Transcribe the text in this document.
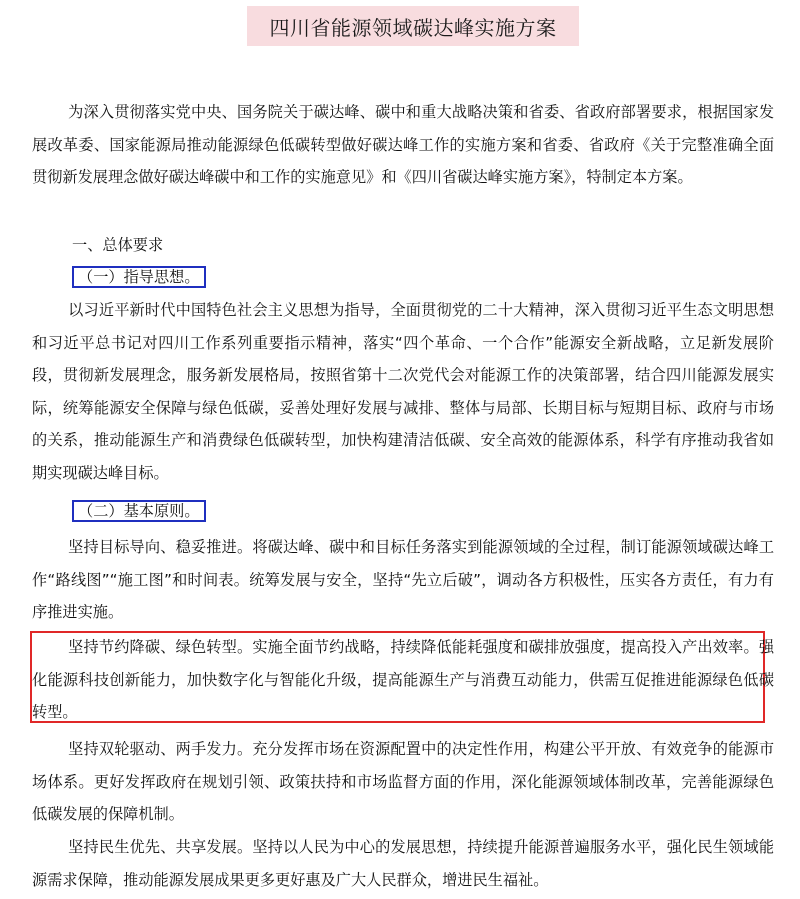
四川省能源领域碳达峰实施方案

为深入贯彻落实党中央、国务院关于碳达峰、碳中和重大战略决策和省委、省政府部署要求，根据国家发展改革委、国家能源局推动能源绿色低碳转型做好碳达峰工作的实施方案和省委、省政府《关于完整准确全面贯彻新发展理念做好碳达峰碳中和工作的实施意见》和《四川省碳达峰实施方案》，特制定本方案。

一、总体要求

（一）指导思想。

以习近平新时代中国特色社会主义思想为指导，全面贯彻党的二十大精神，深入贯彻习近平生态文明思想和习近平总书记对四川工作系列重要指示精神，落实“四个革命、一个合作”能源安全新战略，立足新发展阶段，贯彻新发展理念，服务新发展格局，按照省第十二次党代会对能源工作的决策部署，结合四川能源发展实际，统筹能源安全保障与绿色低碳，妥善处理好发展与减排、整体与局部、长期目标与短期目标、政府与市场的关系，推动能源生产和消费绿色低碳转型，加快构建清洁低碳、安全高效的能源体系，科学有序推动我省如期实现碳达峰目标。

（二）基本原则。

坚持目标导向、稳妥推进。将碳达峰、碳中和目标任务落实到能源领域的全过程，制订能源领域碳达峰工作“路线图”“施工图”和时间表。统筹发展与安全，坚持“先立后破”，调动各方积极性，压实各方责任，有力有序推进实施。

坚持节约降碳、绿色转型。实施全面节约战略，持续降低能耗强度和碳排放强度，提高投入产出效率。强化能源科技创新能力，加快数字化与智能化升级，提高能源生产与消费互动能力，供需互促推进能源绿色低碳转型。

坚持双轮驱动、两手发力。充分发挥市场在资源配置中的决定性作用，构建公平开放、有效竞争的能源市场体系。更好发挥政府在规划引领、政策扶持和市场监督方面的作用，深化能源领域体制改革，完善能源绿色低碳发展的保障机制。

坚持民生优先、共享发展。坚持以人民为中心的发展思想，持续提升能源普遍服务水平，强化民生领域能源需求保障，推动能源发展成果更多更好惠及广大人民群众，增进民生福祉。
